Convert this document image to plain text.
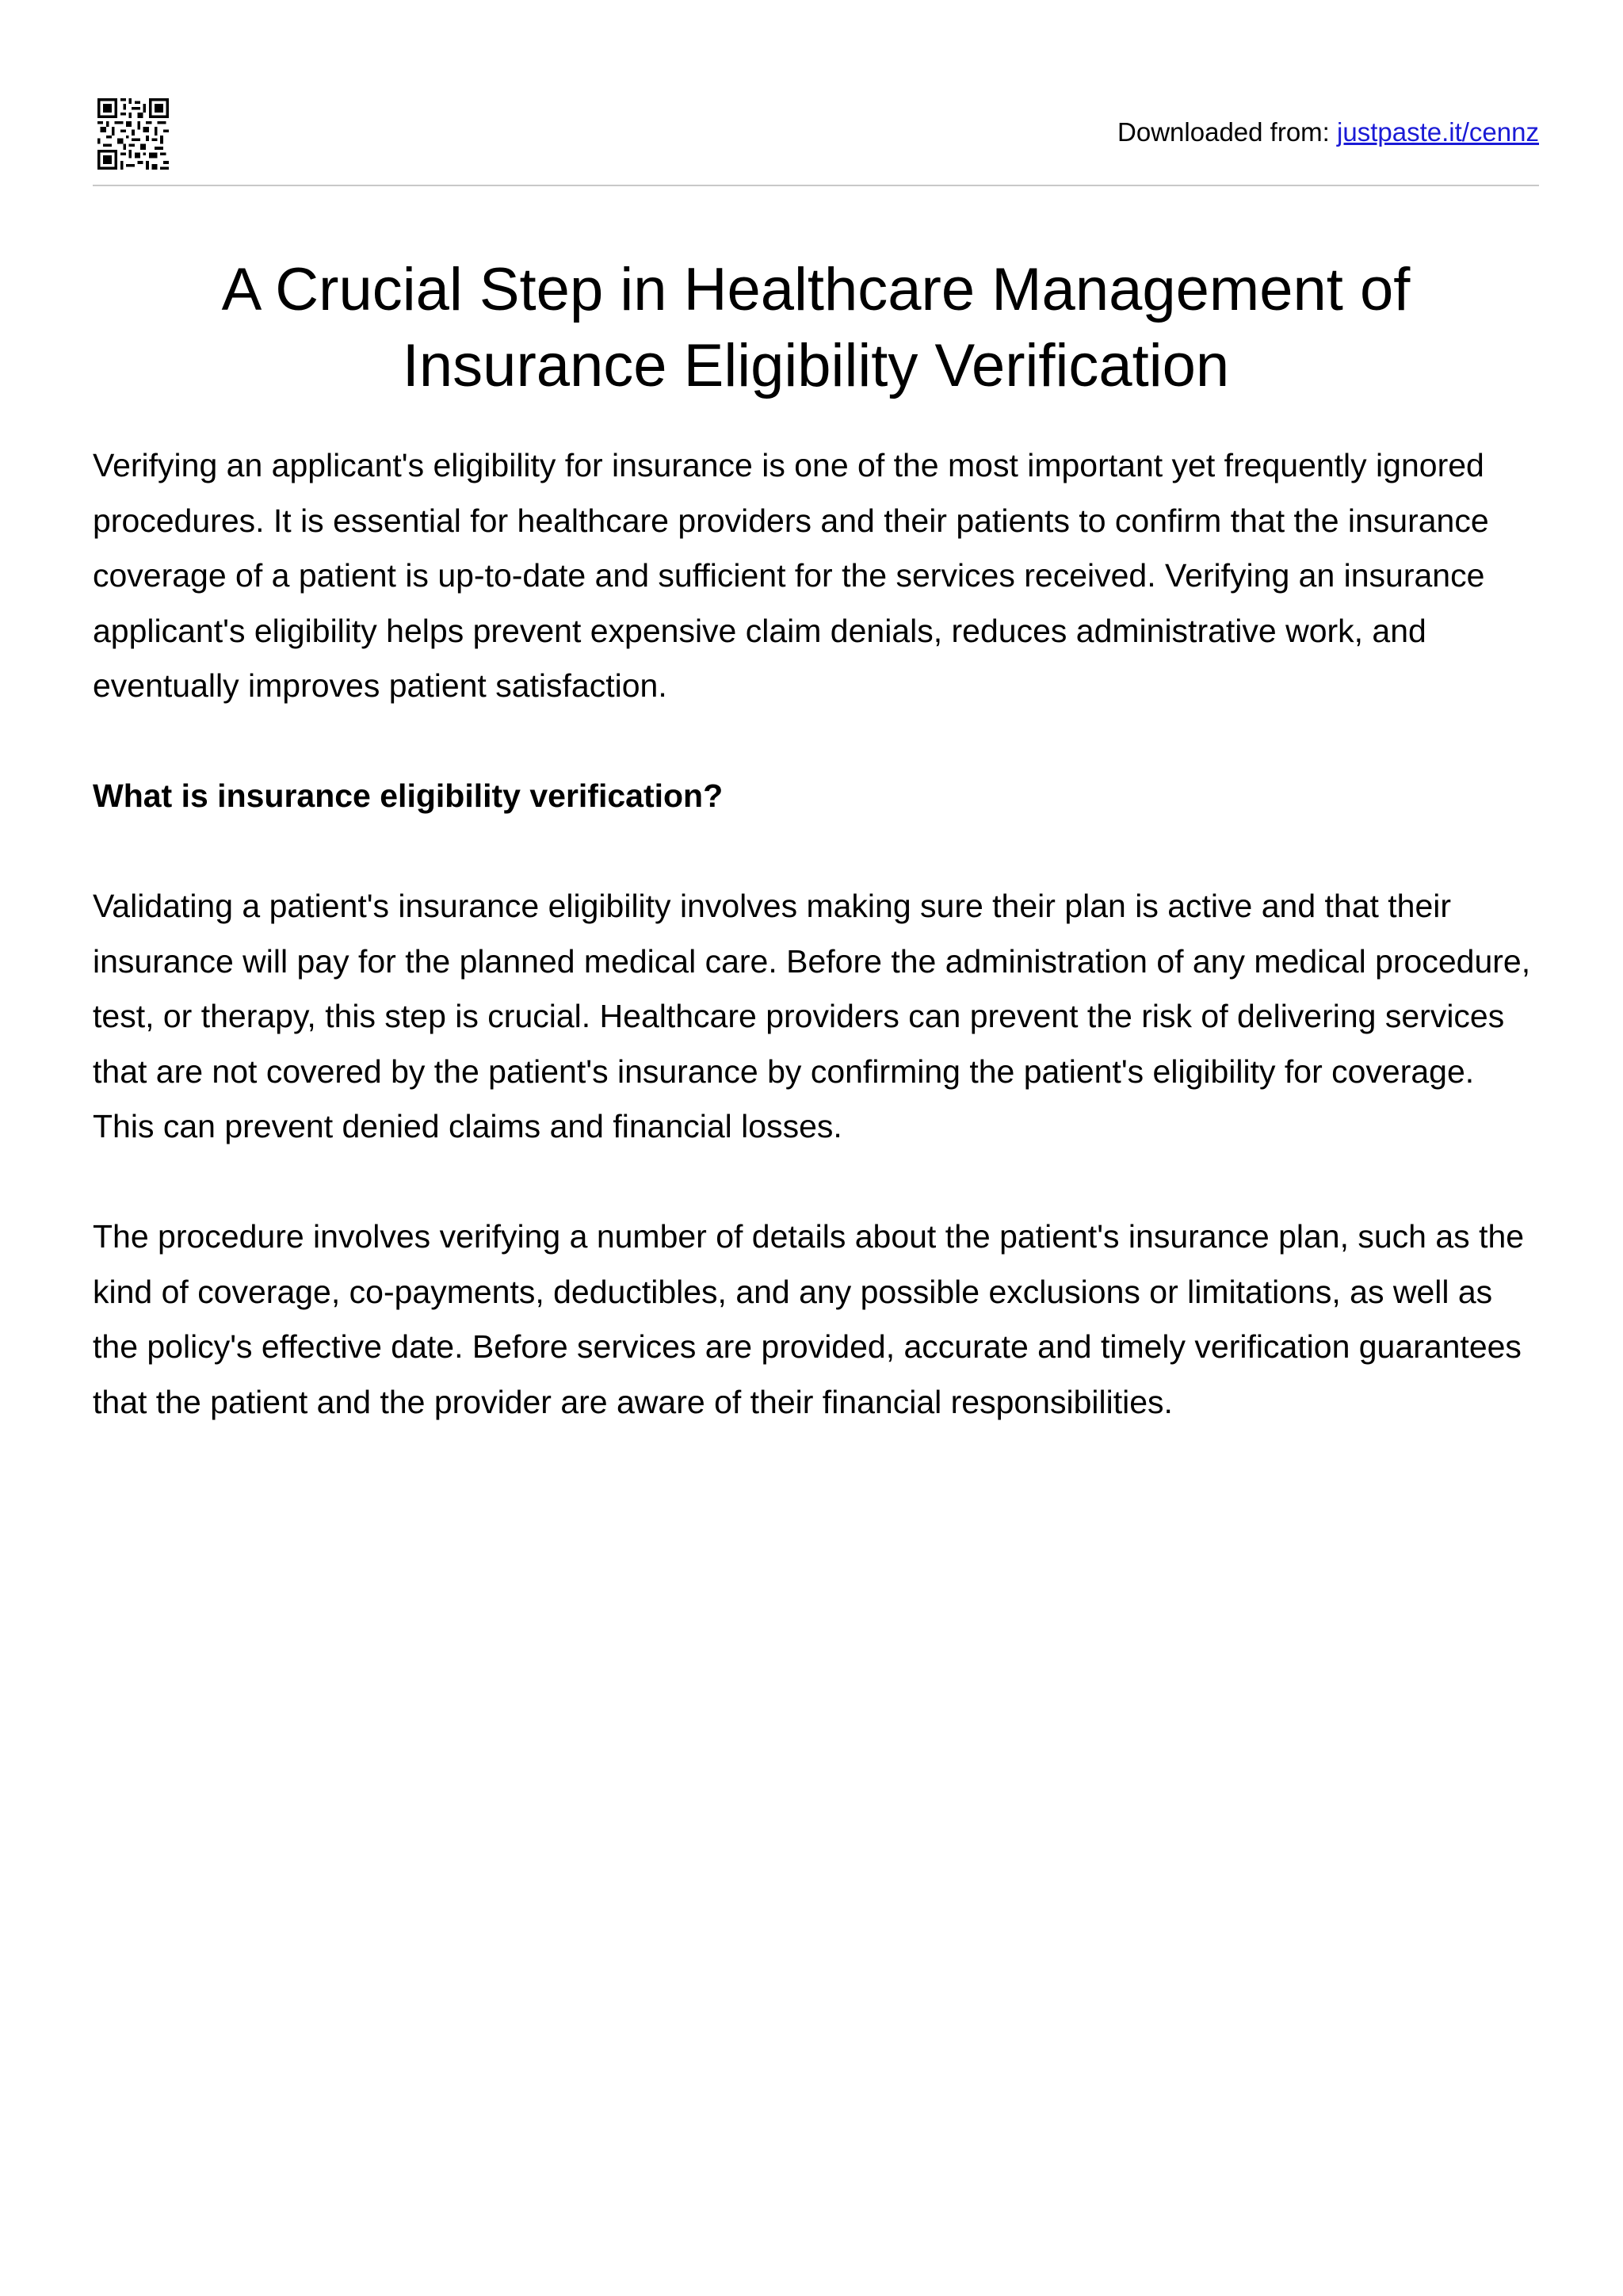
Downloaded from: justpaste.it/cennz
A Crucial Step in Healthcare Management of Insurance Eligibility Verification

Verifying an applicant's eligibility for insurance is one of the most important yet frequently ignored procedures. It is essential for healthcare providers and their patients to confirm that the insurance coverage of a patient is up-to-date and sufficient for the services received. Verifying an insurance applicant's eligibility helps prevent expensive claim denials, reduces administrative work, and eventually improves patient satisfaction.

What is insurance eligibility verification?

Validating a patient's insurance eligibility involves making sure their plan is active and that their insurance will pay for the planned medical care. Before the administration of any medical procedure, test, or therapy, this step is crucial. Healthcare providers can prevent the risk of delivering services that are not covered by the patient's insurance by confirming the patient's eligibility for coverage. This can prevent denied claims and financial losses.

The procedure involves verifying a number of details about the patient's insurance plan, such as the kind of coverage, co-payments, deductibles, and any possible exclusions or limitations, as well as the policy's effective date. Before services are provided, accurate and timely verification guarantees that the patient and the provider are aware of their financial responsibilities.
